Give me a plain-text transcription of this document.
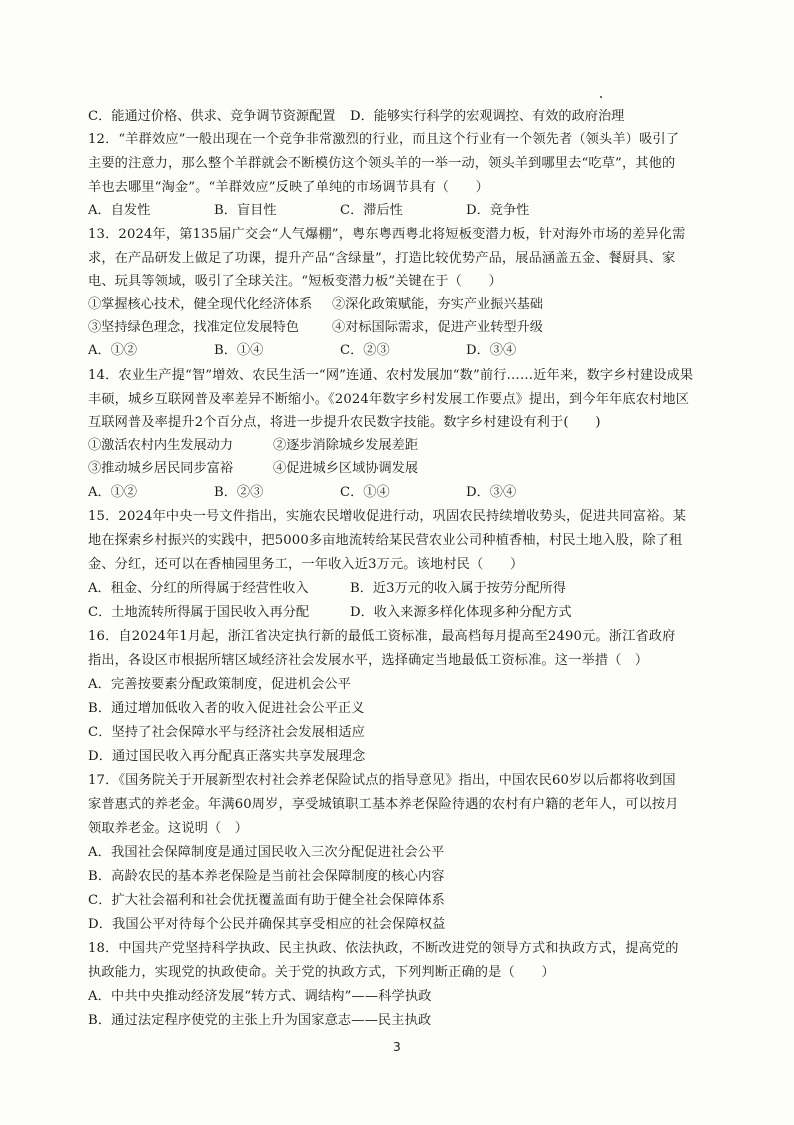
C．能通过价格、供求、竞争调节资源配置 D．能够实行科学的宏观调控、有效的政府治理
12．“羊群效应”一般出现在一个竞争非常激烈的行业，而且这个行业有一个领先者（领头羊）吸引了
主要的注意力，那么整个羊群就会不断模仿这个领头羊的一举一动，领头羊到哪里去“吃草”，其他的
羊也去哪里“淘金”。“羊群效应”反映了单纯的市场调节具有（　　）
A．自发性	B．盲目性	C．滞后性	D．竞争性
13．2024年，第135届广交会“人气爆棚”，粤东粤西粤北将短板变潜力板，针对海外市场的差异化需
求，在产品研发上做足了功课，提升产品“含绿量”，打造比较优势产品，展品涵盖五金、餐厨具、家
电、玩具等领域，吸引了全球关注。“短板变潜力板”关键在于（　　）
①掌握核心技术，健全现代化经济体系 ②深化政策赋能，夯实产业振兴基础
③坚持绿色理念，找准定位发展特色	④对标国际需求，促进产业转型升级
A．①②	B．①④	C．②③	D．③④
14．农业生产提“智”增效、农民生活一“网”连通、农村发展加“数”前行……近年来，数字乡村建设成果
丰硕，城乡互联网普及率差异不断缩小。《2024年数字乡村发展工作要点》提出，到今年年底农村地区
互联网普及率提升2个百分点，将进一步提升农民数字技能。数字乡村建设有利于(　　)
①激活农村内生发展动力	②逐步消除城乡发展差距
③推动城乡居民同步富裕	④促进城乡区域协调发展
A．①②	B．②③	C．①④	D．③④
15．2024年中央一号文件指出，实施农民增收促进行动，巩固农民持续增收势头，促进共同富裕。某
地在探索乡村振兴的实践中，把5000多亩地流转给某民营农业公司种植香柚，村民土地入股，除了租
金、分红，还可以在香柚园里务工，一年收入近3万元。该地村民（　　）
A．租金、分红的所得属于经营性收入	B．近3万元的收入属于按劳分配所得
C．土地流转所得属于国民收入再分配	D．收入来源多样化体现多种分配方式
16．自2024年1月起，浙江省决定执行新的最低工资标准，最高档每月提高至2490元。浙江省政府
指出，各设区市根据所辖区域经济社会发展水平，选择确定当地最低工资标准。这一举措（　）
A．完善按要素分配政策制度，促进机会公平
B．通过增加低收入者的收入促进社会公平正义
C．坚持了社会保障水平与经济社会发展相适应
D．通过国民收入再分配真正落实共享发展理念
17．《国务院关于开展新型农村社会养老保险试点的指导意见》指出，中国农民60岁以后都将收到国
家普惠式的养老金。年满60周岁，享受城镇职工基本养老保险待遇的农村有户籍的老年人，可以按月
领取养老金。这说明（　）
A．我国社会保障制度是通过国民收入三次分配促进社会公平
B．高龄农民的基本养老保险是当前社会保障制度的核心内容
C．扩大社会福利和社会优抚覆盖面有助于健全社会保障体系
D．我国公平对待每个公民并确保其享受相应的社会保障权益
18．中国共产党坚持科学执政、民主执政、依法执政，不断改进党的领导方式和执政方式，提高党的
执政能力，实现党的执政使命。关于党的执政方式，下列判断正确的是（　　）
A．中共中央推动经济发展“转方式、调结构”——科学执政
B．通过法定程序使党的主张上升为国家意志——民主执政
3
